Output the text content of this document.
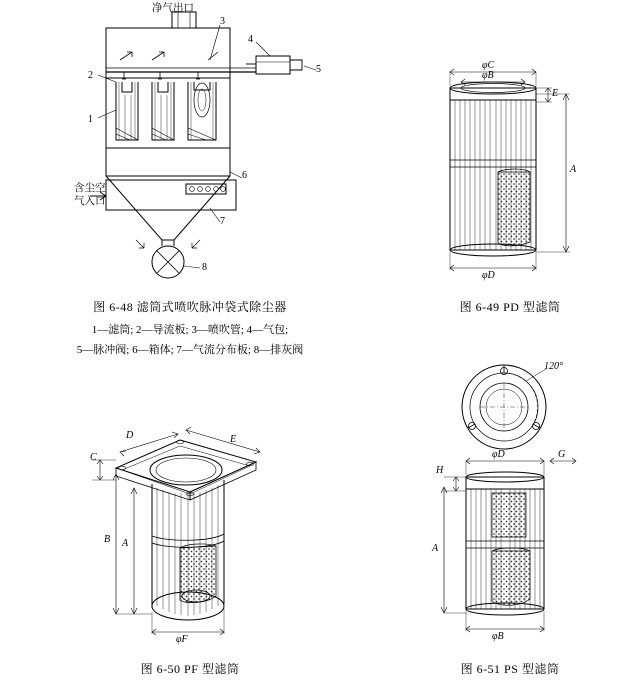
净气出口
含尘空
气入口
1
2
3
4
5
6
7
8
图 6-48 滤筒式喷吹脉冲袋式除尘器
1—滤筒; 2—导流板; 3—喷吹管; 4—气包;
5—脉冲阀; 6—箱体; 7—气流分布板; 8—排灰阀
φC
φB
E
A
φD
图 6-49 PD 型滤筒
D	E
C
B A
φF
图 6-50 PF 型滤筒
120°
φD	G
H
A
φB
图 6-51 PS 型滤筒
